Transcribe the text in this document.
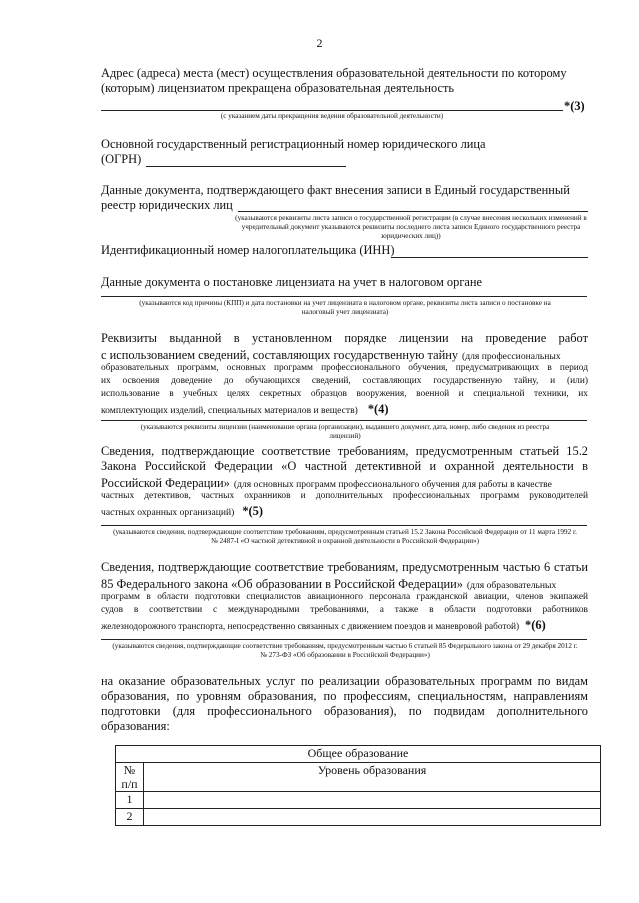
2
Адрес (адреса) места (мест) осуществления образовательной деятельности по которому
(которым) лицензиатом прекращена образовательная деятельность
*(3)
(с указанием даты прекращения ведения образовательной деятельности)
Основной государственный регистрационный номер юридического лица
(ОГРН)
Данные документа, подтверждающего факт внесения записи в Единый государственный
реестр юридических лиц
(указываются реквизиты листа записи о государственной регистрации (в случае внесения нескольких изменений в учредительный документ указываются реквизиты последнего листа записи Единого государственного реестра юридических лиц))
Идентификационный номер налогоплательщика (ИНН)
Данные документа о постановке лицензиата на учет в налоговом органе
(указываются код причины (КПП) и дата постановки на учет лицензиата в налоговом органе, реквизиты листа записи о постановке на налоговый учет лицензиата)
Реквизиты выданной в установленном порядке лицензии на проведение работ
с использованием сведений, составляющих государственную тайну (для профессиональных
образовательных программ, основных программ профессионального обучения, предусматривающих в период
их освоения доведение до обучающихся сведений, составляющих государственную тайну, и (или)
использование в учебных целях секретных образцов вооружения, военной и специальной техники, их
комплектующих изделий, специальных материалов и веществ) *(4)
(указываются реквизиты лицензии (наименование органа (организации), выдавшего документ, дата, номер, либо сведения из реестра лицензий)
Сведения, подтверждающие соответствие требованиям, предусмотренным статьей 15.2
Закона Российской Федерации «О частной детективной и охранной деятельности в
Российской Федерации» (для основных программ профессионального обучения для работы в качестве
частных детективов, частных охранников и дополнительных профессиональных программ руководителей
частных охранных организаций) *(5)
(указываются сведения, подтверждающие соответствие требованиям, предусмотренным статьей 15.2 Закона Российской Федерации от 11 марта 1992 г. № 2487-I «О частной детективной и охранной деятельности в Российской Федерации»)
Сведения, подтверждающие соответствие требованиям, предусмотренным частью 6 статьи
85 Федерального закона «Об образовании в Российской Федерации» (для образовательных
программ в области подготовки специалистов авиационного персонала гражданской авиации, членов экипажей
судов в соответствии с международными требованиями, а также в области подготовки работников
железнодорожного транспорта, непосредственно связанных с движением поездов и маневровой работой) *(6)
(указываются сведения, подтверждающие соответствие требованиям, предусмотренным частью 6 статьей 85 Федерального закона от 29 декабря 2012 г. № 273-ФЗ «Об образовании в Российской Федерации»)
на оказание образовательных услуг по реализации образовательных программ по видам
образования, по уровням образования, по профессиям, специальностям, направлениям
подготовки (для профессионального образования), по подвидам дополнительного
образования:
Общее образование	
№
п/п	Уровень образования
1	
2	
